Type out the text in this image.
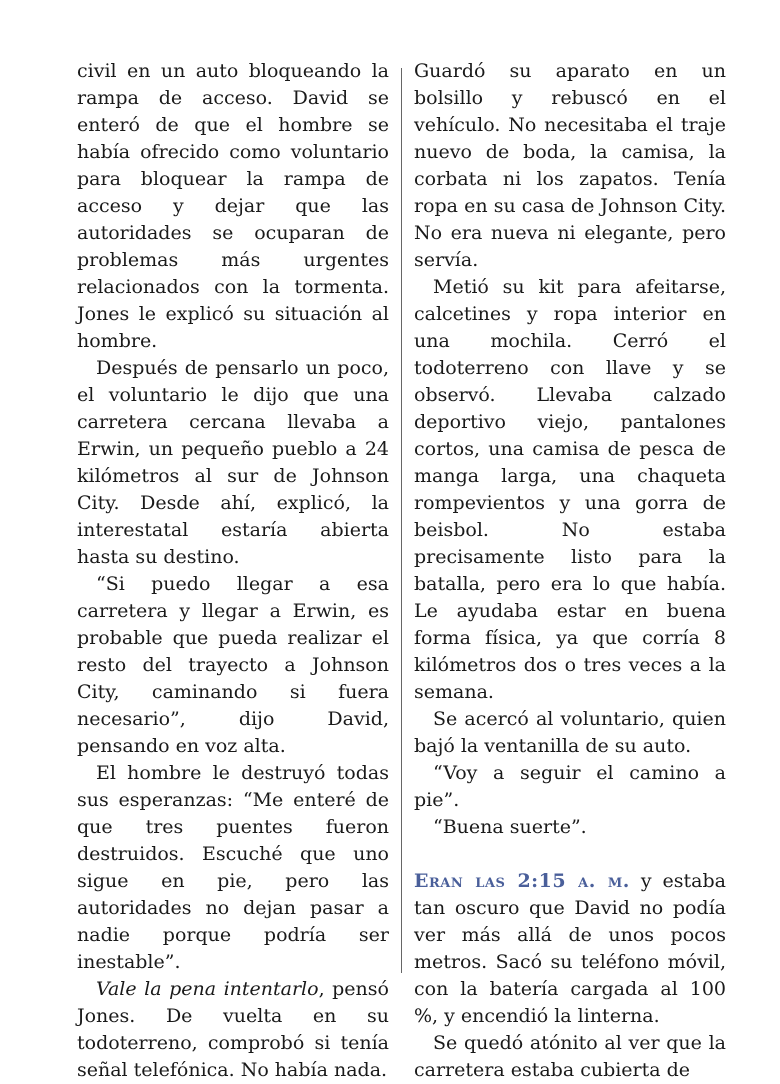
civil en un auto bloqueando la rampa de acceso. David se enteró de que el hombre se había ofrecido como voluntario para bloquear la rampa de acceso y dejar que las autoridades se ocuparan de problemas más urgentes relacionados con la tormenta. Jones le explicó su situación al hombre.

Después de pensarlo un poco, el voluntario le dijo que una carretera cercana llevaba a Erwin, un pequeño pueblo a 24 kilómetros al sur de Johnson City. Desde ahí, explicó, la interestatal estaría abierta hasta su destino.

“Si puedo llegar a esa carretera y llegar a Erwin, es probable que pueda realizar el resto del trayecto a Johnson City, caminando si fuera necesario”, dijo David, pensando en voz alta.

El hombre le destruyó todas sus esperanzas: “Me enteré de que tres puentes fueron destruidos. Escuché que uno sigue en pie, pero las autoridades no dejan pasar a nadie porque podría ser inestable”.

Vale la pena intentarlo, pensó Jones. De vuelta en su todoterreno, comprobó si tenía señal telefónica. No había nada.

Guardó su aparato en un bolsillo y rebuscó en el vehículo. No necesitaba el traje nuevo de boda, la camisa, la corbata ni los zapatos. Tenía ropa en su casa de Johnson City. No era nueva ni elegante, pero servía.

Metió su kit para afeitarse, calcetines y ropa interior en una mochila. Cerró el todoterreno con llave y se observó. Llevaba calzado deportivo viejo, pantalones cortos, una camisa de pesca de manga larga, una chaqueta rompevientos y una gorra de beisbol. No estaba precisamente listo para la batalla, pero era lo que había. Le ayudaba estar en buena forma física, ya que corría 8 kilómetros dos o tres veces a la semana.

Se acercó al voluntario, quien bajó la ventanilla de su auto.

“Voy a seguir el camino a pie”.

“Buena suerte”.

Eran las 2:15 a. m. y estaba tan oscuro que David no podía ver más allá de unos pocos metros. Sacó su teléfono móvil, con la batería cargada al 100 %, y encendió la linterna.

Se quedó atónito al ver que la carretera estaba cubierta de
